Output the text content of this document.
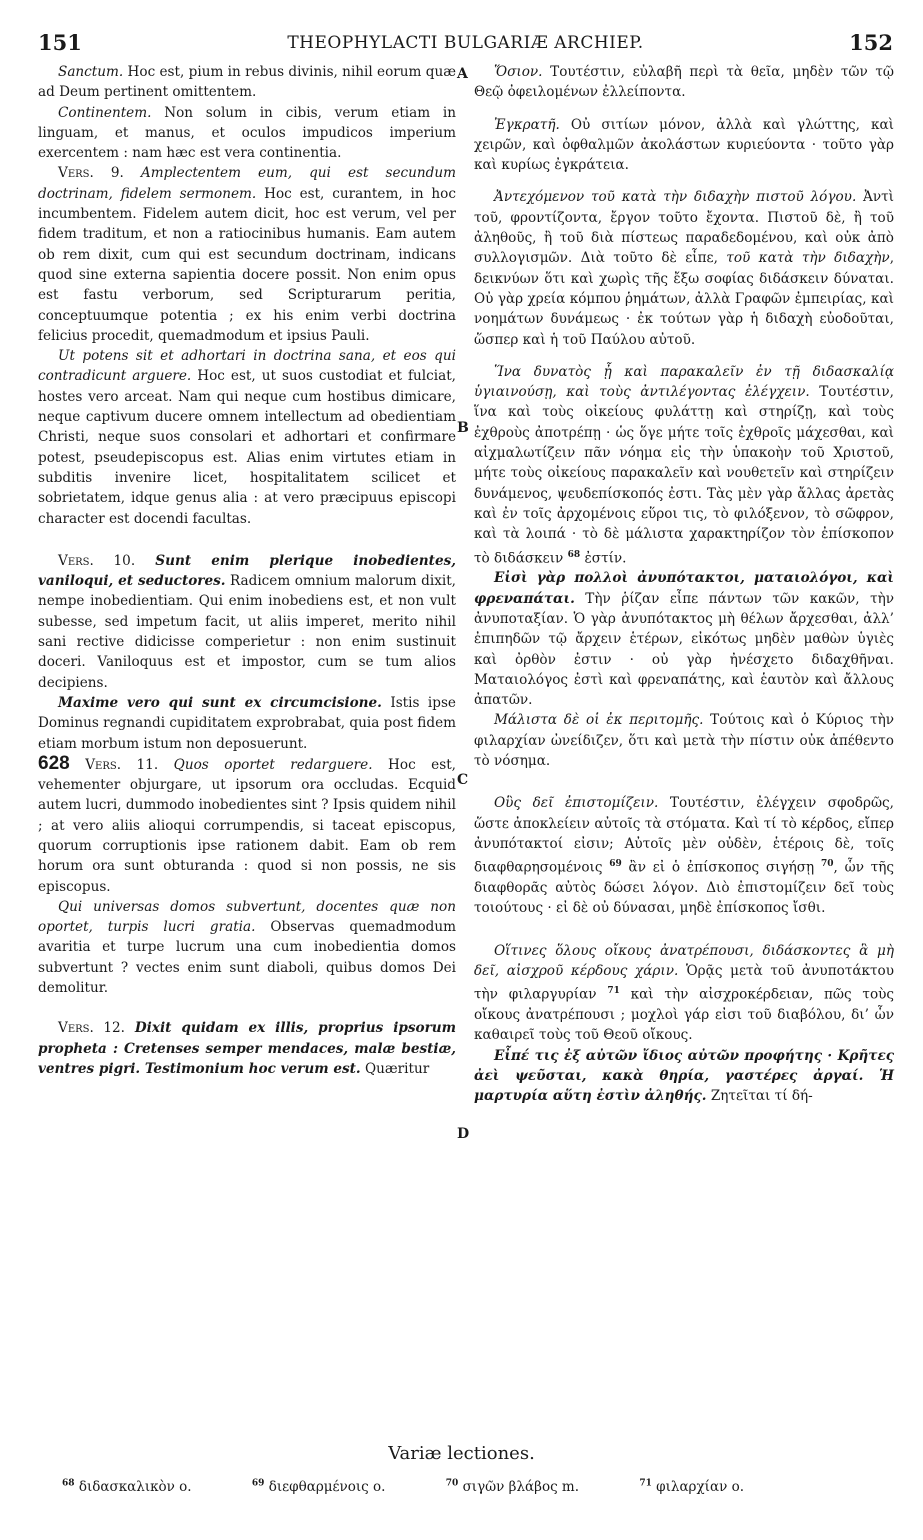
151	THEOPHYLACTI BULGARIÆ ARCHIEP.	152
A
B
C
D

Sanctum. Hoc est, pium in rebus divinis, nihil eorum quæ ad Deum pertinent omittentem.

Continentem. Non solum in cibis, verum etiam in linguam, et manus, et oculos impudicos imperium exercentem : nam hæc est vera continentia.

Vers. 9. Amplectentem eum, qui est secundum doctrinam, fidelem sermonem. Hoc est, curantem, in hoc incumbentem. Fidelem autem dicit, hoc est verum, vel per fidem traditum, et non a ratiocinibus humanis. Eam autem ob rem dixit, cum qui est secundum doctrinam, indicans quod sine externa sapientia docere possit. Non enim opus est fastu verborum, sed Scripturarum peritia, conceptuumque potentia ; ex his enim verbi doctrina felicius procedit, quemadmodum et ipsius Pauli.

Ut potens sit et adhortari in doctrina sana, et eos qui contradicunt arguere. Hoc est, ut suos custodiat et fulciat, hostes vero arceat. Nam qui neque cum hostibus dimicare, neque captivum ducere omnem intellectum ad obedientiam Christi, neque suos consolari et adhortari et confirmare potest, pseudepiscopus est. Alias enim virtutes etiam in subditis invenire licet, hospitalitatem scilicet et sobrietatem, idque genus alia : at vero præcipuus episcopi character est docendi facultas.

Vers. 10. Sunt enim plerique inobedientes, vaniloqui, et seductores. Radicem omnium malorum dixit, nempe inobedientiam. Qui enim inobediens est, et non vult subesse, sed impetum facit, ut aliis imperet, merito nihil sani rective didicisse comperietur : non enim sustinuit doceri. Vaniloquus est et impostor, cum se tum alios decipiens.

Maxime vero qui sunt ex circumcisione. Istis ipse Dominus regnandi cupiditatem exprobrabat, quia post fidem etiam morbum istum non deposuerunt.

628 Vers. 11. Quos oportet redarguere. Hoc est, vehementer objurgare, ut ipsorum ora occludas. Ecquid autem lucri, dummodo inobedientes sint ? Ipsis quidem nihil ; at vero aliis alioqui corrumpendis, si taceat episcopus, quorum corruptionis ipse rationem dabit. Eam ob rem horum ora sunt obturanda : quod si non possis, ne sis episcopus.

Qui universas domos subvertunt, docentes quæ non oportet, turpis lucri gratia. Observas quemadmodum avaritia et turpe lucrum una cum inobedientia domos subvertunt ? vectes enim sunt diaboli, quibus domos Dei demolitur.

Vers. 12. Dixit quidam ex illis, proprius ipsorum propheta : Cretenses semper mendaces, malæ bestiæ, ventres pigri. Testimonium hoc verum est. Quæritur

Ὅσιον. Τουτέστιν, εὐλαβῆ περὶ τὰ θεῖα, μηδὲν τῶν τῷ Θεῷ ὀφειλομένων ἐλλείποντα.

Ἐγκρατῆ. Οὐ σιτίων μόνον, ἀλλὰ καὶ γλώττης, καὶ χειρῶν, καὶ ὀφθαλμῶν ἀκολάστων κυριεύοντα · τοῦτο γὰρ καὶ κυρίως ἐγκράτεια.

Ἀντεχόμενον τοῦ κατὰ τὴν διδαχὴν πιστοῦ λόγου. Ἀντὶ τοῦ, φροντίζοντα, ἔργον τοῦτο ἔχοντα. Πιστοῦ δὲ, ἢ τοῦ ἀληθοῦς, ἢ τοῦ διὰ πίστεως παραδεδομένου, καὶ οὐκ ἀπὸ συλλογισμῶν. Διὰ τοῦτο δὲ εἶπε, τοῦ κατὰ τὴν διδαχὴν, δεικνύων ὅτι καὶ χωρὶς τῆς ἔξω σοφίας διδάσκειν δύναται. Οὐ γὰρ χρεία κόμπου ῥημάτων, ἀλλὰ Γραφῶν ἐμπειρίας, καὶ νοημάτων δυνάμεως · ἐκ τούτων γὰρ ἡ διδαχὴ εὐοδοῦται, ὥσπερ καὶ ἡ τοῦ Παύλου αὐτοῦ.

Ἵνα δυνατὸς ᾖ καὶ παρακαλεῖν ἐν τῇ διδασκαλίᾳ ὑγιαινούσῃ, καὶ τοὺς ἀντιλέγοντας ἐλέγχειν. Τουτέστιν, ἵνα καὶ τοὺς οἰκείους φυλάττῃ καὶ στηρίζῃ, καὶ τοὺς ἐχθροὺς ἀποτρέπῃ · ὡς ὅγε μήτε τοῖς ἐχθροῖς μάχεσθαι, καὶ αἰχμαλωτίζειν πᾶν νόημα εἰς τὴν ὑπακοὴν τοῦ Χριστοῦ, μήτε τοὺς οἰκείους παρακαλεῖν καὶ νουθετεῖν καὶ στηρίζειν δυνάμενος, ψευδεπίσκοπός ἐστι. Τὰς μὲν γὰρ ἄλλας ἀρετὰς καὶ ἐν τοῖς ἀρχομένοις εὕροι τις, τὸ φιλόξενον, τὸ σῶφρον, καὶ τὰ λοιπά · τὸ δὲ μάλιστα χαρακτηρίζον τὸν ἐπίσκοπον τὸ διδάσκειν $^{68}$ ἐστίν.

Εἰσὶ γὰρ πολλοὶ ἀνυπότακτοι, ματαιολόγοι, καὶ φρεναπάται. Τὴν ῥίζαν εἶπε πάντων τῶν κακῶν, τὴν ἀνυποταξίαν. Ὁ γὰρ ἀνυπότακτος μὴ θέλων ἄρχεσθαι, ἀλλ’ ἐπιπηδῶν τῷ ἄρχειν ἑτέρων, εἰκότως μηδὲν μαθὼν ὑγιὲς καὶ ὀρθὸν ἐστιν · οὐ γὰρ ἠνέσχετο διδαχθῆναι. Ματαιολόγος ἐστὶ καὶ φρεναπάτης, καὶ ἑαυτὸν καὶ ἄλλους ἀπατῶν.

Μάλιστα δὲ οἱ ἐκ περιτομῆς. Τούτοις καὶ ὁ Κύριος τὴν φιλαρχίαν ὠνείδιζεν, ὅτι καὶ μετὰ τὴν πίστιν οὐκ ἀπέθεντο τὸ νόσημα.

Οὓς δεῖ ἐπιστομίζειν. Τουτέστιν, ἐλέγχειν σφοδρῶς, ὥστε ἀποκλείειν αὐτοῖς τὰ στόματα. Καὶ τί τὸ κέρδος, εἴπερ ἀνυπότακτοί εἰσιν; Αὐτοῖς μὲν οὐδὲν, ἑτέροις δὲ, τοῖς διαφθαρησομένοις $^{69}$ ἂν εἰ ὁ ἐπίσκοπος σιγήσῃ $^{70}$, ὧν τῆς διαφθορᾶς αὐτὸς δώσει λόγον. Διὸ ἐπιστομίζειν δεῖ τοὺς τοιούτους · εἰ δὲ οὐ δύνασαι, μηδὲ ἐπίσκοπος ἴσθι.

Οἵτινες ὅλους οἴκους ἀνατρέπουσι, διδάσκοντες ἃ μὴ δεῖ, αἰσχροῦ κέρδους χάριν. Ὁρᾷς μετὰ τοῦ ἀνυποτάκτου τὴν φιλαργυρίαν $^{71}$ καὶ τὴν αἰσχροκέρδειαν, πῶς τοὺς οἴκους ἀνατρέπουσι ; μοχλοὶ γάρ εἰσι τοῦ διαβόλου, δι’ ὧν καθαιρεῖ τοὺς τοῦ Θεοῦ οἴκους.

Εἶπέ τις ἐξ αὐτῶν ἴδιος αὐτῶν προφήτης · Κρῆτες ἀεὶ ψεῦσται, κακὰ θηρία, γαστέρες ἀργαί. Ἡ μαρτυρία αὕτη ἐστὶν ἀληθής. Ζητεῖται τί δή-

Variæ lectiones.
$^{68}$ διδασκαλικὸν ο.	$^{69}$ διεφθαρμένοις ο.	$^{70}$ σιγῶν βλάβος m.	$^{71}$ φιλαρχίαν ο.
